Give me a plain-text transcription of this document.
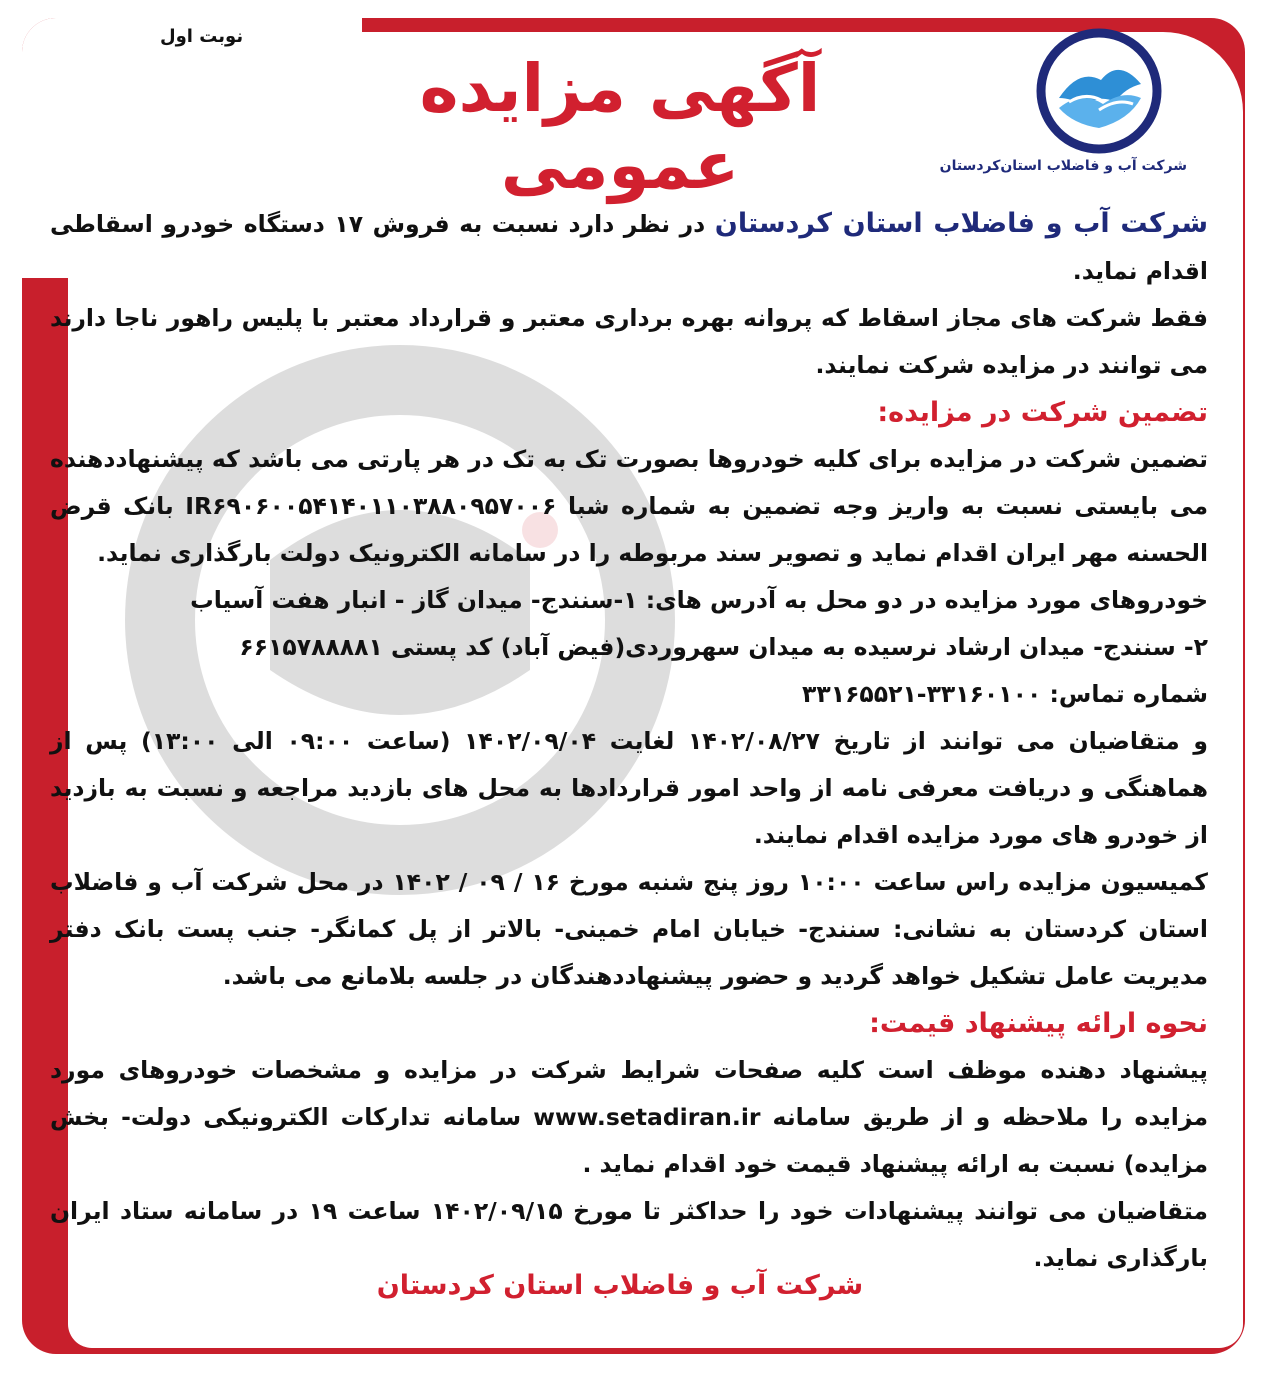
نوبت اول
آگهی مزایده عمومی	شرکت آب و فاضلاب استان‌کردستان

شرکت آب و فاضلاب استان کردستان در نظر دارد نسبت به فروش ۱۷ دستگاه خودرو اسقاطی اقدام نماید.

فقط شرکت های مجاز اسقاط که پروانه بهره برداری معتبر و قرارداد معتبر با پلیس راهور ناجا دارند می توانند در مزایده شرکت نمایند.

تضمین شرکت در مزایده:

تضمین شرکت در مزایده برای کلیه خودروها بصورت تک به تک در هر پارتی می باشد که پیشنهاددهنده می بایستی نسبت به واریز وجه تضمین به شماره شبا IR۶۹۰۶۰۰۵۴۱۴۰۱۱۰۳۸۸۰۹۵۷۰۰۶ بانک قرض الحسنه مهر ایران اقدام نماید و تصویر سند مربوطه را در سامانه الکترونیک دولت بارگذاری نماید.

خودروهای مورد مزایده در دو محل به آدرس های: ۱-سنندج- میدان گاز - انبار هفت آسیاب

۲- سنندج- میدان ارشاد نرسیده به میدان سهروردی(فیض آباد) کد پستی ۶۶۱۵۷۸۸۸۸۱

شماره تماس: ۳۳۱۶۰۱۰۰-۳۳۱۶۵۵۲۱

و متقاضیان می توانند از تاریخ ۱۴۰۲/۰۸/۲۷ لغایت ۱۴۰۲/۰۹/۰۴ (ساعت ۰۹:۰۰ الی ۱۳:۰۰) پس از هماهنگی و دریافت معرفی نامه از واحد امور قراردادها به محل های بازدید مراجعه و نسبت به بازدید از خودرو های مورد مزایده اقدام نمایند.

کمیسیون مزایده راس ساعت ۱۰:۰۰ روز پنج شنبه مورخ ۱۶ / ۰۹ / ۱۴۰۲ در محل شرکت آب و فاضلاب استان کردستان به نشانی: سنندج- خیابان امام خمینی- بالاتر از پل کمانگر- جنب پست بانک دفتر مدیریت عامل تشکیل خواهد گردید و حضور پیشنهاددهندگان در جلسه بلامانع می باشد.

نحوه ارائه پیشنهاد قیمت:

پیشنهاد دهنده موظف است کلیه صفحات شرایط شرکت در مزایده و مشخصات خودروهای مورد مزایده را ملاحظه و از طریق سامانه www.setadiran.ir سامانه تدارکات الکترونیکی دولت- بخش مزایده) نسبت به ارائه پیشنهاد قیمت خود اقدام نماید .

متقاضیان می توانند پیشنهادات خود را حداکثر تا مورخ ۱۴۰۲/۰۹/۱۵ ساعت ۱۹ در سامانه ستاد ایران بارگذاری نماید.

شرکت آب و فاضلاب استان کردستان
